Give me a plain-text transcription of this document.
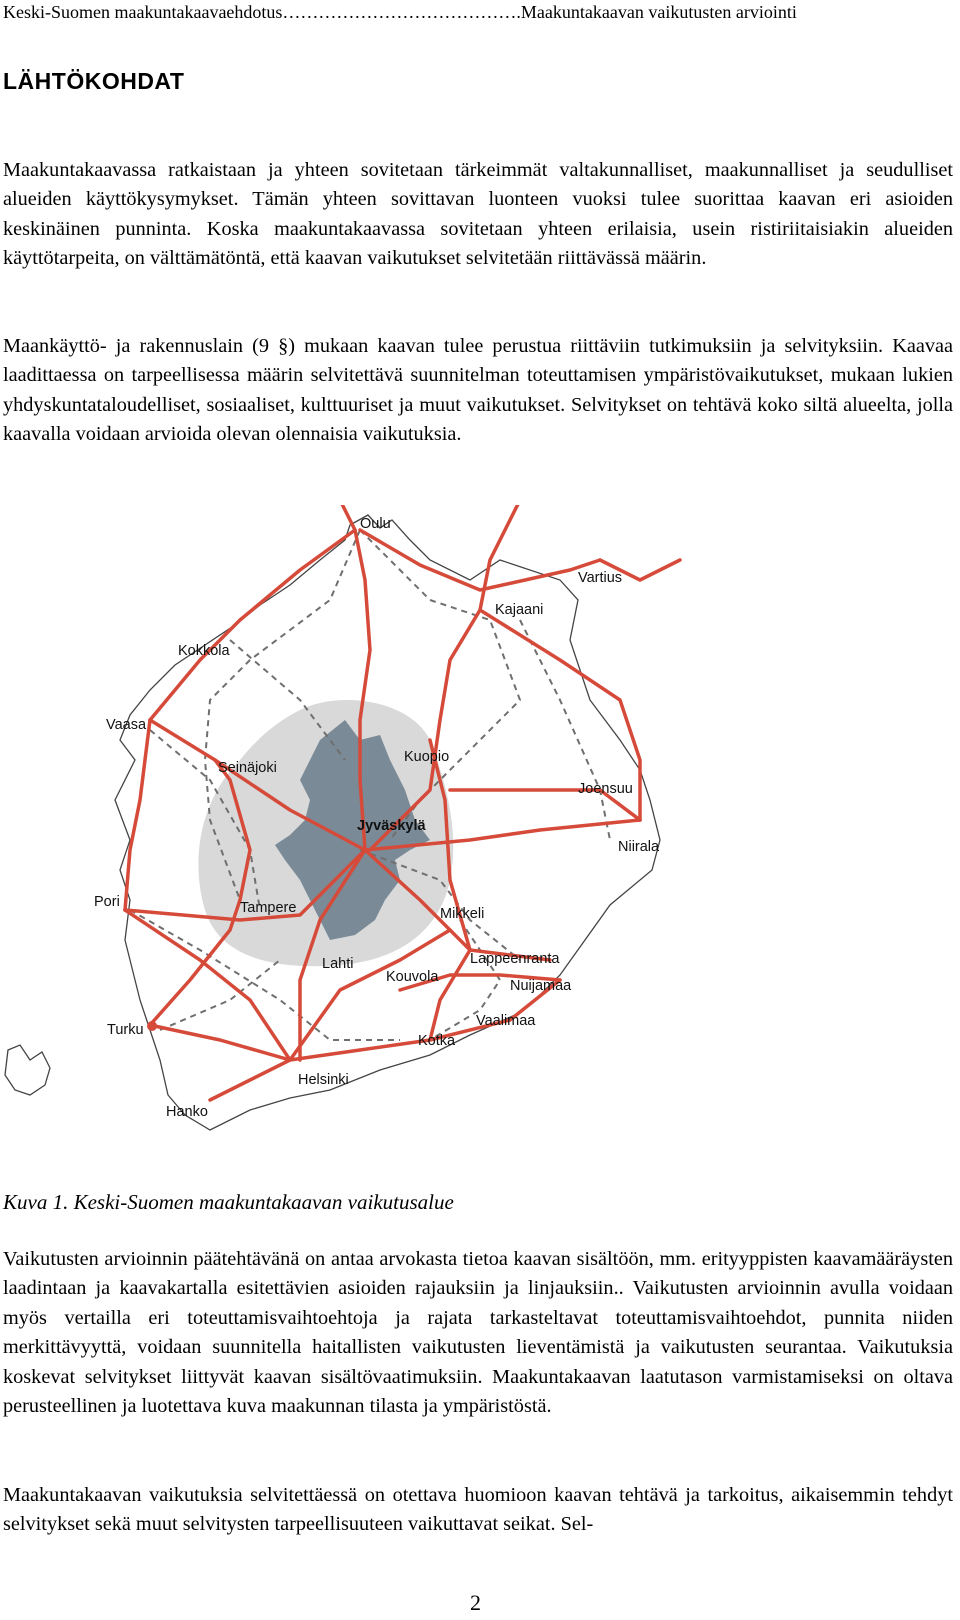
Keski-Suomen maakuntakaavaehdotus………………………………….Maakuntakaavan vaikutusten arviointi
LÄHTÖKOHDAT

Maakuntakaavassa ratkaistaan ja yhteen sovitetaan tärkeimmät valtakunnalliset, maakunnalliset ja seudulliset alueiden käyttökysymykset. Tämän yhteen sovittavan luonteen vuoksi tulee suorittaa kaavan eri asioiden keskinäinen punninta. Koska maakuntakaavassa sovitetaan yhteen erilaisia, usein ristiriitaisiakin alueiden käyttötarpeita, on välttämätöntä, että kaavan vaikutukset selvitetään riittävässä määrin.

Maankäyttö- ja rakennuslain (9 §) mukaan kaavan tulee perustua riittäviin tutkimuksiin ja selvityksiin. Kaavaa laadittaessa on tarpeellisessa määrin selvitettävä suunnitelman toteuttamisen ympäristövaikutukset, mukaan lukien yhdyskuntataloudelliset, sosiaaliset, kulttuuriset ja muut vaikutukset. Selvitykset on tehtävä koko siltä alueelta, jolla kaavalla voidaan arvioida olevan olennaisia vaikutuksia.

Oulu
Vartius
Kajaani
Kokkola
Vaasa
Seinäjoki
Kuopio
Joensuu
Jyväskylä
Niirala
Pori	Tampere	Mikkeli
Lahti
Kouvola
Lappeenranta
Nuijamaa
Vaalimaa
Turku
Kotka
Helsinki
Hanko
Kuva 1. Keski-Suomen maakuntakaavan vaikutusalue

Vaikutusten arvioinnin päätehtävänä on antaa arvokasta tietoa kaavan sisältöön, mm. erityyppisten kaavamääräysten laadintaan ja kaavakartalla esitettävien asioiden rajauksiin ja linjauksiin.. Vaikutusten arvioinnin avulla voidaan myös vertailla eri toteuttamisvaihtoehtoja ja rajata tarkasteltavat toteuttamisvaihtoehdot, punnita niiden merkittävyyttä, voidaan suunnitella haitallisten vaikutusten lieventämistä ja vaikutusten seurantaa. Vaikutuksia koskevat selvitykset liittyvät kaavan sisältövaatimuksiin. Maakuntakaavan laatutason varmistamiseksi on oltava perusteellinen ja luotettava kuva maakunnan tilasta ja ympäristöstä.

Maakuntakaavan vaikutuksia selvitettäessä on otettava huomioon kaavan tehtävä ja tarkoitus, aikaisemmin tehdyt selvitykset sekä muut selvitysten tarpeellisuuteen vaikuttavat seikat. Sel-

2
